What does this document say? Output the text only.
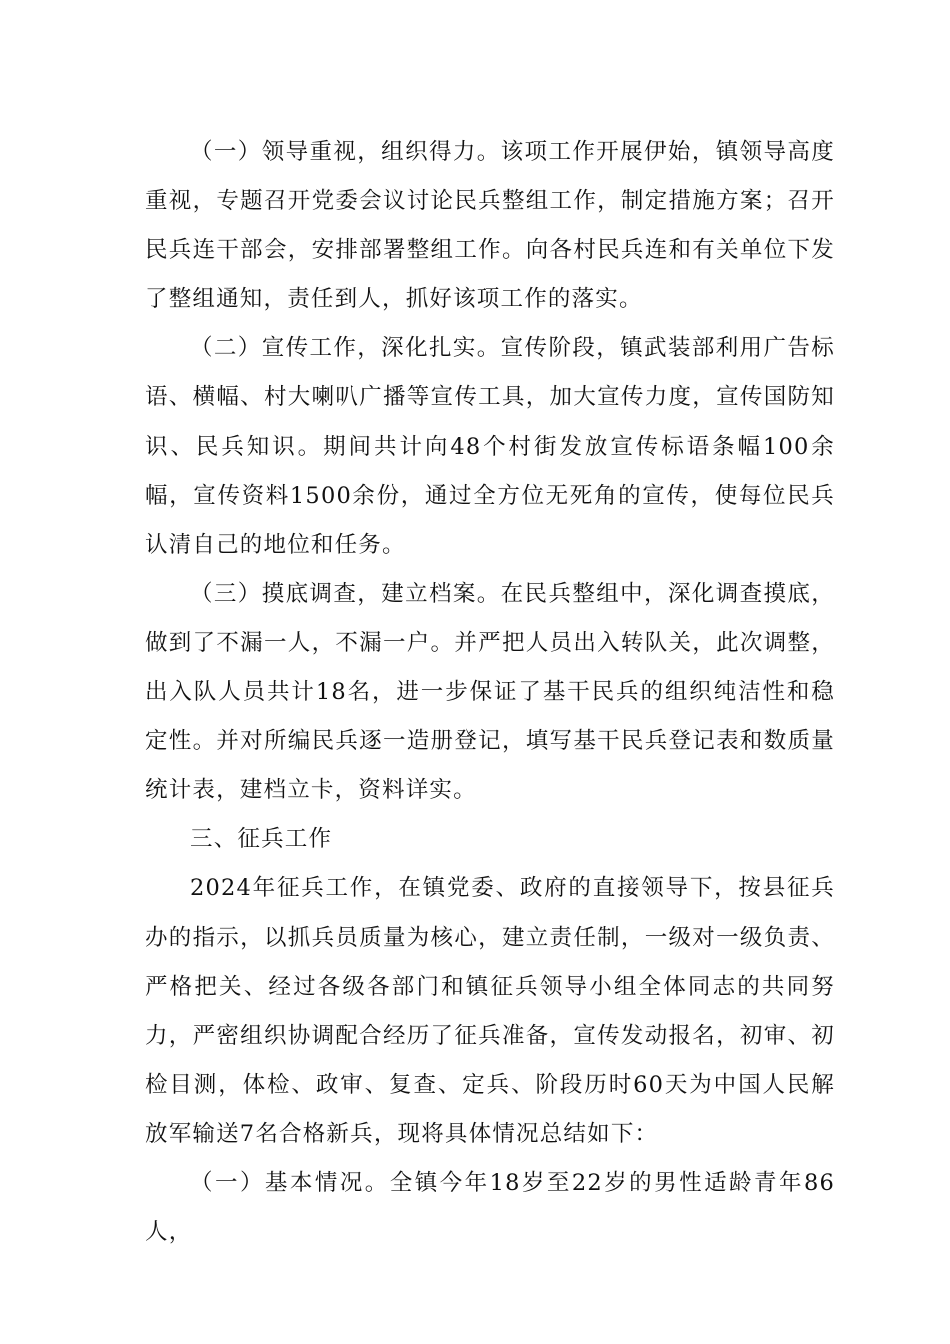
（一）领导重视，组织得力。该项工作开展伊始，镇领导高度重视，专题召开党委会议讨论民兵整组工作，制定措施方案；召开民兵连干部会，安排部署整组工作。向各村民兵连和有关单位下发了整组通知，责任到人，抓好该项工作的落实。

（二）宣传工作，深化扎实。宣传阶段，镇武装部利用广告标语、横幅、村大喇叭广播等宣传工具，加大宣传力度，宣传国防知识、民兵知识。期间共计向48个村街发放宣传标语条幅100余幅，宣传资料1500余份，通过全方位无死角的宣传，使每位民兵认清自己的地位和任务。

（三）摸底调查，建立档案。在民兵整组中，深化调查摸底，做到了不漏一人，不漏一户。并严把人员出入转队关，此次调整，出入队人员共计18名，进一步保证了基干民兵的组织纯洁性和稳定性。并对所编民兵逐一造册登记，填写基干民兵登记表和数质量统计表，建档立卡，资料详实。

三、征兵工作

2024年征兵工作，在镇党委、政府的直接领导下，按县征兵办的指示，以抓兵员质量为核心，建立责任制，一级对一级负责、严格把关、经过各级各部门和镇征兵领导小组全体同志的共同努力，严密组织协调配合经历了征兵准备，宣传发动报名，初审、初检目测，体检、政审、复查、定兵、阶段历时60天为中国人民解放军输送7名合格新兵，现将具体情况总结如下：

（一）基本情况。全镇今年18岁至22岁的男性适龄青年86人，
